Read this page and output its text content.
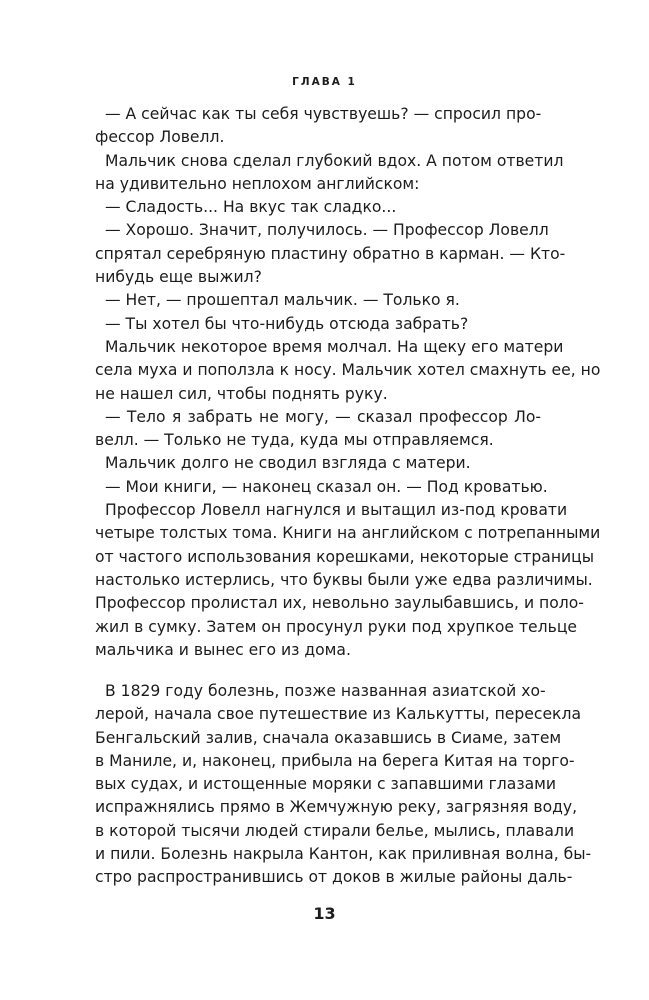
ГЛАВА 1
— А сейчас как ты себя чувствуешь? — спросил про-
фессор Ловелл.
Мальчик снова сделал глубокий вдох. А потом ответил
на удивительно неплохом английском:
— Сладость... На вкус так сладко...
— Хорошо. Значит, получилось. — Профессор Ловелл
спрятал серебряную пластину обратно в карман. — Кто-
нибудь еще выжил?
— Нет, — прошептал мальчик. — Только я.
— Ты хотел бы что-нибудь отсюда забрать?
Мальчик некоторое время молчал. На щеку его матери
села муха и поползла к носу. Мальчик хотел смахнуть ее, но
не нашел сил, чтобы поднять руку.
— Тело я забрать не могу, — сказал профессор Ло-
велл. — Только не туда, куда мы отправляемся.
Мальчик долго не сводил взгляда с матери.
— Мои книги, — наконец сказал он. — Под кроватью.
Профессор Ловелл нагнулся и вытащил из-под кровати
четыре толстых тома. Книги на английском с потрепанными
от частого использования корешками, некоторые страницы
настолько истерлись, что буквы были уже едва различимы.
Профессор пролистал их, невольно заулыбавшись, и поло-
жил в сумку. Затем он просунул руки под хрупкое тельце
мальчика и вынес его из дома.
В 1829 году болезнь, позже названная азиатской хо-
лерой, начала свое путешествие из Калькутты, пересекла
Бенгальский залив, сначала оказавшись в Сиаме, затем
в Маниле, и, наконец, прибыла на берега Китая на торго-
вых судах, и истощенные моряки с запавшими глазами
испражнялись прямо в Жемчужную реку, загрязняя воду,
в которой тысячи людей стирали белье, мылись, плавали
и пили. Болезнь накрыла Кантон, как приливная волна, бы-
стро распространившись от доков в жилые районы даль-
13
